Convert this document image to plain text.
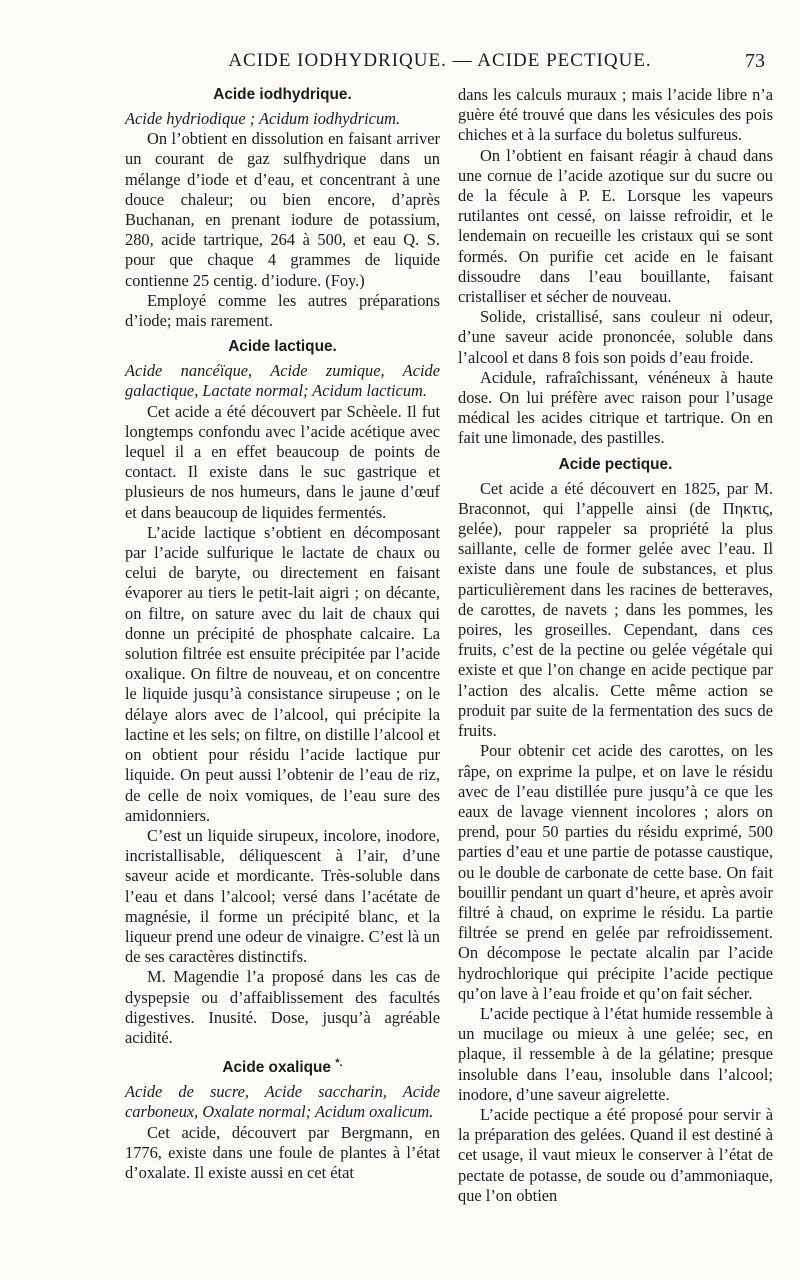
ACIDE IODHYDRIQUE. — ACIDE PECTIQUE.	73
Acide iodhydrique.

Acide hydriodique ; Acidum iodhydricum.

On l’obtient en dissolution en faisant arriver un courant de gaz sulfhydrique dans un mélange d’iode et d’eau, et concentrant à une douce chaleur; ou bien encore, d’après Buchanan, en prenant iodure de potassium, 280, acide tartrique, 264 à 500, et eau Q. S. pour que chaque 4 grammes de liquide contienne 25 centig. d’iodure. (Foy.)

Employé comme les autres préparations d’iode; mais rarement.

Acide lactique.

Acide nancéïque, Acide zumique, Acide galactique, Lactate normal; Acidum lacticum.

Cet acide a été découvert par Schèele. Il fut longtemps confondu avec l’acide acétique avec lequel il a en effet beaucoup de points de contact. Il existe dans le suc gastrique et plusieurs de nos humeurs, dans le jaune d’œuf et dans beaucoup de liquides fermentés.

L’acide lactique s’obtient en décomposant par l’acide sulfurique le lactate de chaux ou celui de baryte, ou directement en faisant évaporer au tiers le petit-lait aigri ; on décante, on filtre, on sature avec du lait de chaux qui donne un précipité de phosphate calcaire. La solution filtrée est ensuite précipitée par l’acide oxalique. On filtre de nouveau, et on concentre le liquide jusqu’à consistance sirupeuse ; on le délaye alors avec de l’alcool, qui précipite la lactine et les sels; on filtre, on distille l’alcool et on obtient pour résidu l’acide lactique pur liquide. On peut aussi l’obtenir de l’eau de riz, de celle de noix vomiques, de l’eau sure des amidonniers.

C’est un liquide sirupeux, incolore, inodore, incristallisable, déliquescent à l’air, d’une saveur acide et mordicante. Très-soluble dans l’eau et dans l’alcool; versé dans l’acétate de magnésie, il forme un précipité blanc, et la liqueur prend une odeur de vinaigre. C’est là un de ses caractères distinctifs.

M. Magendie l’a proposé dans les cas de dyspepsie ou d’affaiblissement des facultés digestives. Inusité. Dose, jusqu’à agréable acidité.

Acide oxalique *.

Acide de sucre, Acide saccharin, Acide carboneux, Oxalate normal; Acidum oxalicum.

Cet acide, découvert par Bergmann, en 1776, existe dans une foule de plantes à l’état d’oxalate. Il existe aussi en cet état

dans les calculs muraux ; mais l’acide libre n’a guère été trouvé que dans les vésicules des pois chiches et à la surface du boletus sulfureus.

On l’obtient en faisant réagir à chaud dans une cornue de l’acide azotique sur du sucre ou de la fécule à P. E. Lorsque les vapeurs rutilantes ont cessé, on laisse refroidir, et le lendemain on recueille les cristaux qui se sont formés. On purifie cet acide en le faisant dissoudre dans l’eau bouillante, faisant cristalliser et sécher de nouveau.

Solide, cristallisé, sans couleur ni odeur, d’une saveur acide prononcée, soluble dans l’alcool et dans 8 fois son poids d’eau froide.

Acidule, rafraîchissant, vénéneux à haute dose. On lui préfère avec raison pour l’usage médical les acides citrique et tartrique. On en fait une limonade, des pastilles.

Acide pectique.

Cet acide a été découvert en 1825, par M. Braconnot, qui l’appelle ainsi (de Πηκτις, gelée), pour rappeler sa propriété la plus saillante, celle de former gelée avec l’eau. Il existe dans une foule de substances, et plus particulièrement dans les racines de betteraves, de carottes, de navets ; dans les pommes, les poires, les groseilles. Cependant, dans ces fruits, c’est de la pectine ou gelée végétale qui existe et que l’on change en acide pectique par l’action des alcalis. Cette même action se produit par suite de la fermentation des sucs de fruits.

Pour obtenir cet acide des carottes, on les râpe, on exprime la pulpe, et on lave le résidu avec de l’eau distillée pure jusqu’à ce que les eaux de lavage viennent incolores ; alors on prend, pour 50 parties du résidu exprimé, 500 parties d’eau et une partie de potasse caustique, ou le double de carbonate de cette base. On fait bouillir pendant un quart d’heure, et après avoir filtré à chaud, on exprime le résidu. La partie filtrée se prend en gelée par refroidissement. On décompose le pectate alcalin par l’acide hydrochlorique qui précipite l’acide pectique qu’on lave à l’eau froide et qu’on fait sécher.

L’acide pectique à l’état humide ressemble à un mucilage ou mieux à une gelée; sec, en plaque, il ressemble à de la gélatine; presque insoluble dans l’eau, insoluble dans l’alcool; inodore, d’une saveur aigrelette.

L’acide pectique a été proposé pour servir à la préparation des gelées. Quand il est destiné à cet usage, il vaut mieux le conserver à l’état de pectate de potasse, de soude ou d’ammoniaque, que l’on obtien
